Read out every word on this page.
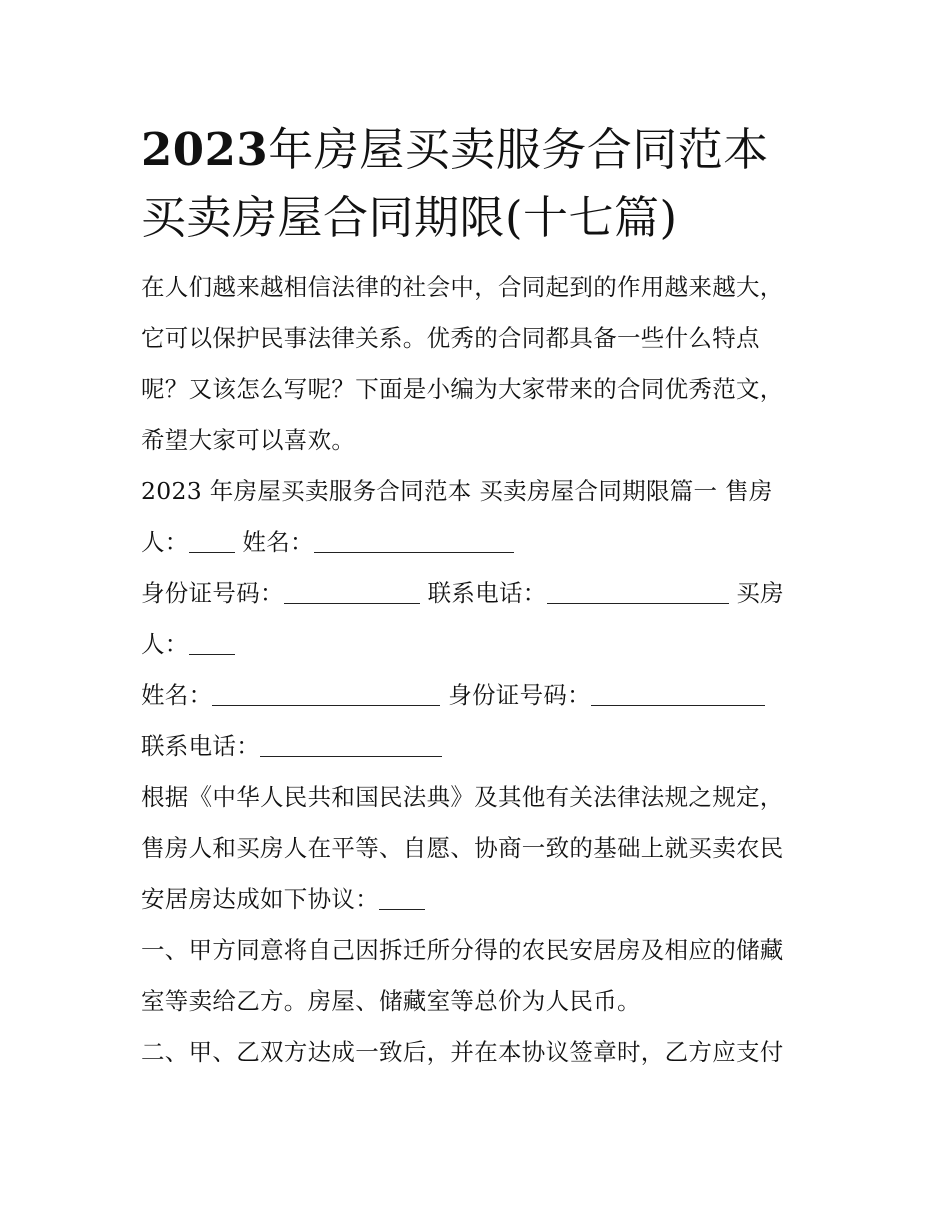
2023年房屋买卖服务合同范本
买卖房屋合同期限(十七篇)
在人们越来越相信法律的社会中，合同起到的作用越来越大，
它可以保护民事法律关系。优秀的合同都具备一些什么特点
呢？又该怎么写呢？下面是小编为大家带来的合同优秀范文，
希望大家可以喜欢。
2023 年房屋买卖服务合同范本 买卖房屋合同期限篇一 售房
人： 姓名：
身份证号码：	联系电话：	买房
人：
姓名：	身份证号码：
联系电话：
根据《中华人民共和国民法典》及其他有关法律法规之规定，
售房人和买房人在平等、自愿、协商一致的基础上就买卖农民
安居房达成如下协议：
一、甲方同意将自己因拆迁所分得的农民安居房及相应的储藏
室等卖给乙方。房屋、储藏室等总价为人民币。
二、甲、乙双方达成一致后，并在本协议签章时，乙方应支付
